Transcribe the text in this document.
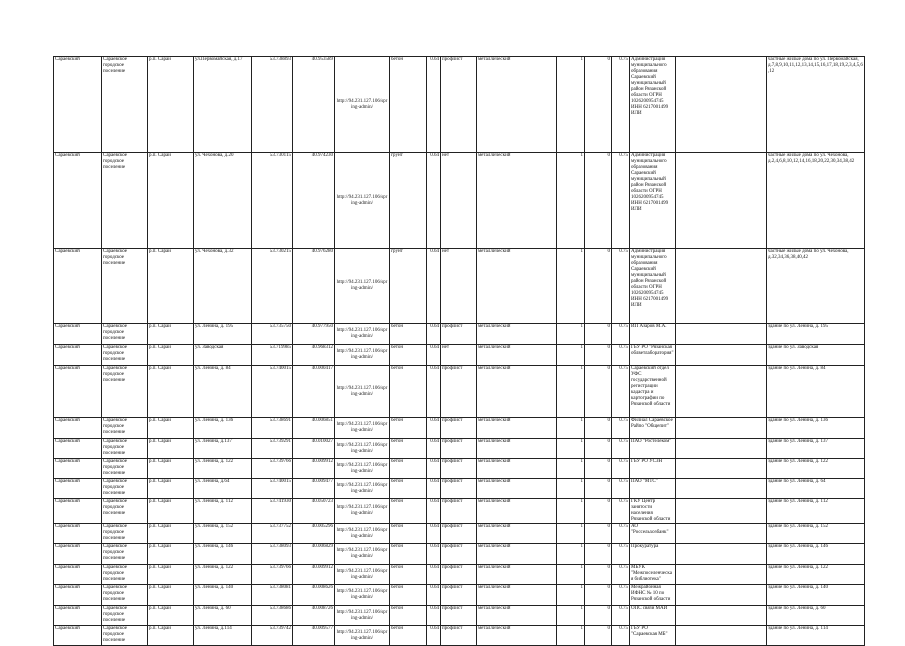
Сараевский	Сараевское городское поселение	р.п. Сараи	ул.Первомайская, д.17	53.738893	40.953589	http://94.231.127.106/spr ing-admin/	бетон	0.64	профлист	металлический	1	0	0.75	Администрация муниципального образования Сараевский муниципальный район Рязанской области ОГРН 1026200954745 ИНН 6217001499 ИЛИ		частные жилые дома по ул. Первомайская, д.7,8,9,10,11,12,13,14,15,16,17,18,19,2,3,4,5,6,12
Сараевский	Сараевское городское поселение	р.п. Сараи	ул. Чехонова, д.20	53.730115	40.974230	http://94.231.127.106/spr ing-admin/	грунт	0.64	нет	металлический	1	0	0.75	Администрация муниципального образования Сараевский муниципальный район Рязанской области ОГРН 1026200954745 ИНН 6217001499 ИЛИ		частные жилые дома по ул. Чехонова, д.2,4,6,8,10,12,14,16,18,20,22,30,34,38,42
Сараевский	Сараевское городское поселение	р.п. Сараи	ул. Чехонова, д.32	53.730215	40.976280	http://94.231.127.106/spr ing-admin/	грунт	0.64	нет	металлический	1	0	0.75	Администрация муниципального образования Сараевский муниципальный район Рязанской области ОГРН 1026200954745 ИНН 6217001499 ИЛИ		частные жилые дома по ул. Чехонова, д.32,34,36,38,40,42
Сараевский	Сараевское городское поселение	р.п. Сараи	ул. Ленина, д. 195	53.735750	40.977950	http://94.231.127.106/spr ing-admin/	бетон	0.64	профлист	металлический	1	0	0.75	ИП Азаров М.А.		здание по ул. Ленина, д. 195
Сараевский	Сараевское городское поселение	р.п. Сараи	ул. Заводская	53.719985	40.968312	http://94.231.127.106/spr ing-admin/	бетон	0.64	нет	металлический	1	0	0.75	ГБУ РО "Рязанская облветлаборатория"		здание по ул. Заводская
Сараевский	Сараевское городское поселение	р.п. Сараи	ул. Ленина, д. 84	53.740015	40.000417	http://94.231.127.106/spr ing-admin/	бетон	0.64	профлист	металлический	1	0	0.75	Сараевский отдел УФС государственной регистрации кадастра и картографии по Рязанской области		здание по ул. Ленина, д. 84
Сараевский	Сараевское городское поселение	р.п. Сараи	ул. Ленина, д. 136	53.738691	40.006851	http://94.231.127.106/spr ing-admin/	бетон	0.64	профлист	металлический	1	0	0.75	Филиал Сараевское Райпо "Общепит"		здание по ул. Ленина, д. 136
Сараевский	Сараевское городское поселение	р.п. Сараи	ул. Ленина, д.137	53.739291	40.010027	http://94.231.127.106/spr ing-admin/	бетон	0.64	профлист	металлический	1	0	0.75	ПАО "Ростелеком"		здание по ул. Ленина, д. 137
Сараевский	Сараевское городское поселение	р.п. Сараи	ул. Ленина, д. 122	53.739766	40.009912	http://94.231.127.106/spr ing-admin/	бетон	0.64	профлист	металлический	1	0	0.75	ГБУ РО УСЗН		здание по ул. Ленина, д. 122
Сараевский	Сараевское городское поселение	р.п. Сараи	ул. Ленина, д.64	53.740015	40.009477	http://94.231.127.106/spr ing-admin/	бетон	0.64	профлист	металлический	1	0	0.75	ПАО "МТС"		здание по ул. Ленина, д. 64
Сараевский	Сараевское городское поселение	р.п. Сараи	ул. Ленина, д. 112	53.741930	40.050723	http://94.231.127.106/spr ing-admin/	бетон	0.64	профлист	металлический	1	0	0.75	ГКУ Центр занятости населения Рязанской области		здание по ул. Ленина, д. 112
Сараевский	Сараевское городское поселение	р.п. Сараи	ул. Ленина, д. 152	53.737752	40.005296	http://94.231.127.106/spr ing-admin/	бетон	0.64	профлист	металлический	1	0	0.75	АО "Россельхозбанк"		здание по ул. Ленина, д. 152
Сараевский	Сараевское городское поселение	р.п. Сараи	ул. Ленина, д. 146	53.738093	40.006829	http://94.231.127.106/spr ing-admin/	бетон	0.64	профлист	металлический	1	0	0.75	Прокуратура		здание по ул. Ленина, д. 146
Сараевский	Сараевское городское поселение	р.п. Сараи	ул. Ленина, д. 122	53.739766	40.009912	http://94.231.127.106/spr ing-admin/	бетон	0.64	профлист	металлический	1	0	0.75	МБУК "Межпоселенческая библиотека"		здание по ул. Ленина, д. 122
Сараевский	Сараевское городское поселение	р.п. Сараи	ул. Ленина, д. 140	53.738081	40.008626	http://94.231.127.106/spr ing-admin/	бетон	0.64	профлист	металлический	1	0	0.75	Межрайонная ИФНС № 10 по Рязанской области		здание по ул. Ленина, д. 140
Сараевский	Сараевское городское поселение	р.п. Сараи	ул. Ленина, д. 60	53.738686	40.008726	http://94.231.127.106/spr ing-admin/	бетон	0.64	профлист	металлический	1	0	0.75	ОПС связи МАИ		здание по ул. Ленина, д. 60
Сараевский	Сараевское городское поселение	р.п. Сараи	ул. Ленина, д.114	53.739742	40.009577	http://94.231.127.106/spr ing-admin/	бетон	0.64	профлист	металлический	1	0	0.75	ГБУ РО "Сараевская МБ"		здание по ул. Ленина, д. 114
